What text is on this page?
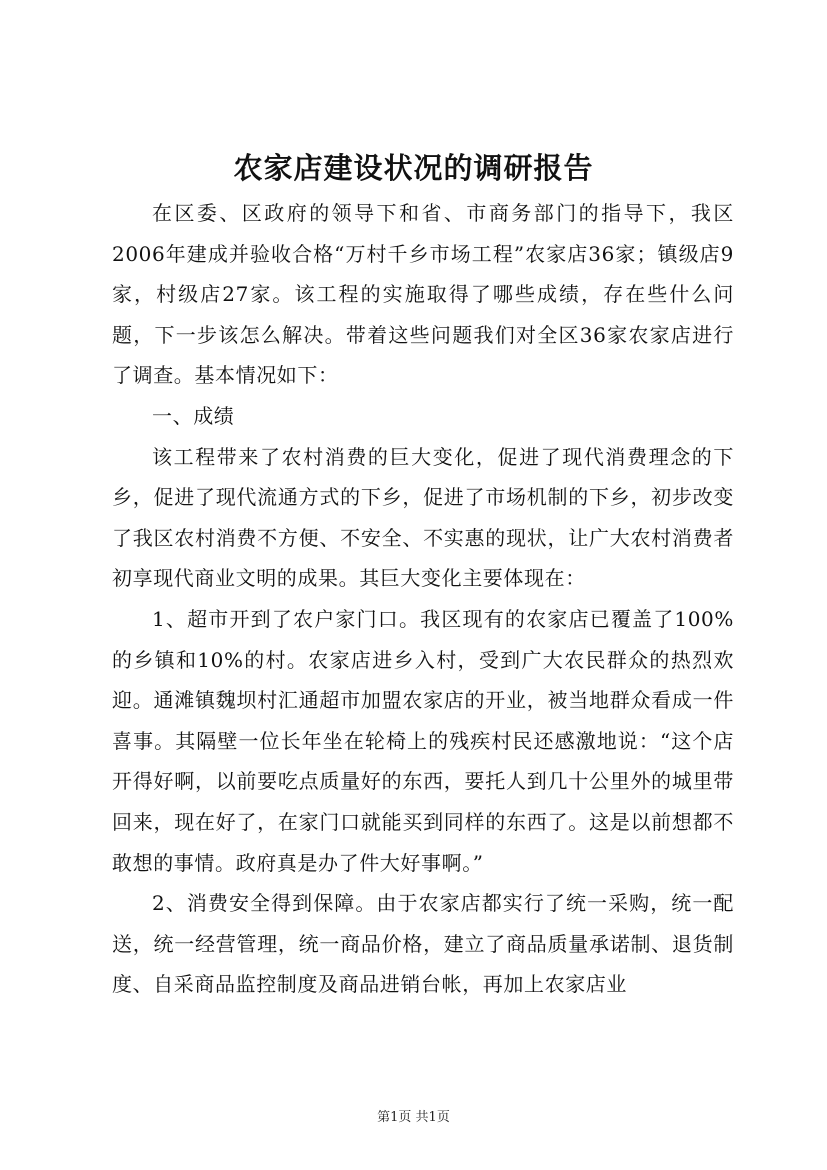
农家店建设状况的调研报告

在区委、区政府的领导下和省、市商务部门的指导下，我区2006年建成并验收合格“万村千乡市场工程”农家店36家；镇级店9家，村级店27家。该工程的实施取得了哪些成绩，存在些什么问题，下一步该怎么解决。带着这些问题我们对全区36家农家店进行了调查。基本情况如下：

一、成绩

该工程带来了农村消费的巨大变化，促进了现代消费理念的下乡，促进了现代流通方式的下乡，促进了市场机制的下乡，初步改变了我区农村消费不方便、不安全、不实惠的现状，让广大农村消费者初享现代商业文明的成果。其巨大变化主要体现在：

1、超市开到了农户家门口。我区现有的农家店已覆盖了100%的乡镇和10%的村。农家店进乡入村，受到广大农民群众的热烈欢迎。通滩镇魏坝村汇通超市加盟农家店的开业，被当地群众看成一件喜事。其隔壁一位长年坐在轮椅上的残疾村民还感激地说：“这个店开得好啊，以前要吃点质量好的东西，要托人到几十公里外的城里带回来，现在好了，在家门口就能买到同样的东西了。这是以前想都不敢想的事情。政府真是办了件大好事啊。”

2、消费安全得到保障。由于农家店都实行了统一采购，统一配送，统一经营管理，统一商品价格，建立了商品质量承诺制、退货制度、自采商品监控制度及商品进销台帐，再加上农家店业

第1页 共1页
